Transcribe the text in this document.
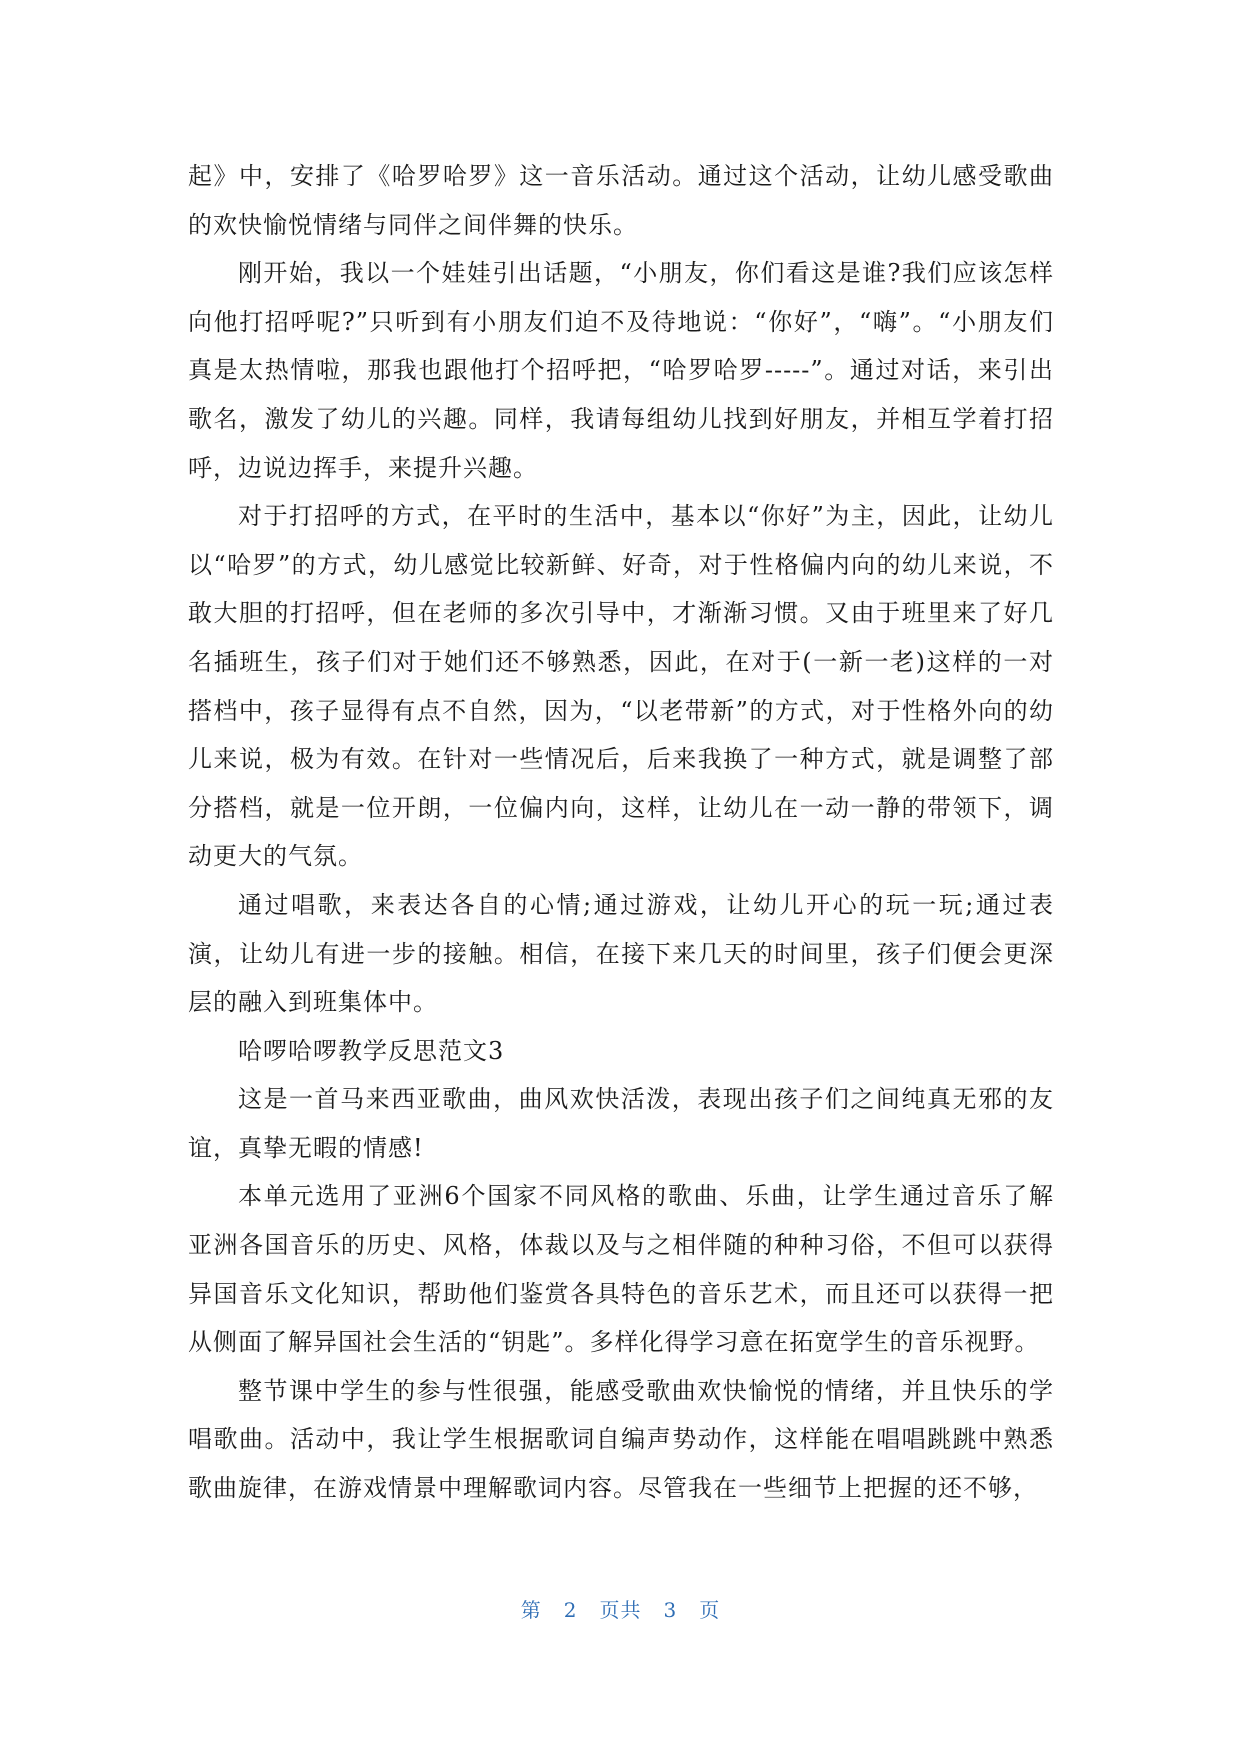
起》中，安排了《哈罗哈罗》这一音乐活动。通过这个活动，让幼儿感受歌曲的欢快愉悦情绪与同伴之间伴舞的快乐。

刚开始，我以一个娃娃引出话题，“小朋友，你们看这是谁?我们应该怎样向他打招呼呢?”只听到有小朋友们迫不及待地说：“你好”，“嗨”。“小朋友们真是太热情啦，那我也跟他打个招呼把，“哈罗哈罗-----”。通过对话，来引出歌名，激发了幼儿的兴趣。同样，我请每组幼儿找到好朋友，并相互学着打招呼，边说边挥手，来提升兴趣。

对于打招呼的方式，在平时的生活中，基本以“你好”为主，因此，让幼儿以“哈罗”的方式，幼儿感觉比较新鲜、好奇，对于性格偏内向的幼儿来说，不敢大胆的打招呼，但在老师的多次引导中，才渐渐习惯。又由于班里来了好几名插班生，孩子们对于她们还不够熟悉，因此，在对于(一新一老)这样的一对搭档中，孩子显得有点不自然，因为，“以老带新”的方式，对于性格外向的幼儿来说，极为有效。在针对一些情况后，后来我换了一种方式，就是调整了部分搭档，就是一位开朗，一位偏内向，这样，让幼儿在一动一静的带领下，调动更大的气氛。

通过唱歌，来表达各自的心情;通过游戏，让幼儿开心的玩一玩;通过表演，让幼儿有进一步的接触。相信，在接下来几天的时间里，孩子们便会更深层的融入到班集体中。

哈啰哈啰教学反思范文3

这是一首马来西亚歌曲，曲风欢快活泼，表现出孩子们之间纯真无邪的友谊，真挚无暇的情感!

本单元选用了亚洲6个国家不同风格的歌曲、乐曲，让学生通过音乐了解亚洲各国音乐的历史、风格，体裁以及与之相伴随的种种习俗，不但可以获得异国音乐文化知识，帮助他们鉴赏各具特色的音乐艺术，而且还可以获得一把从侧面了解异国社会生活的“钥匙”。多样化得学习意在拓宽学生的音乐视野。

整节课中学生的参与性很强，能感受歌曲欢快愉悦的情绪，并且快乐的学唱歌曲。活动中，我让学生根据歌词自编声势动作，这样能在唱唱跳跳中熟悉歌曲旋律，在游戏情景中理解歌词内容。尽管我在一些细节上把握的还不够，

第 2 页共 3 页
